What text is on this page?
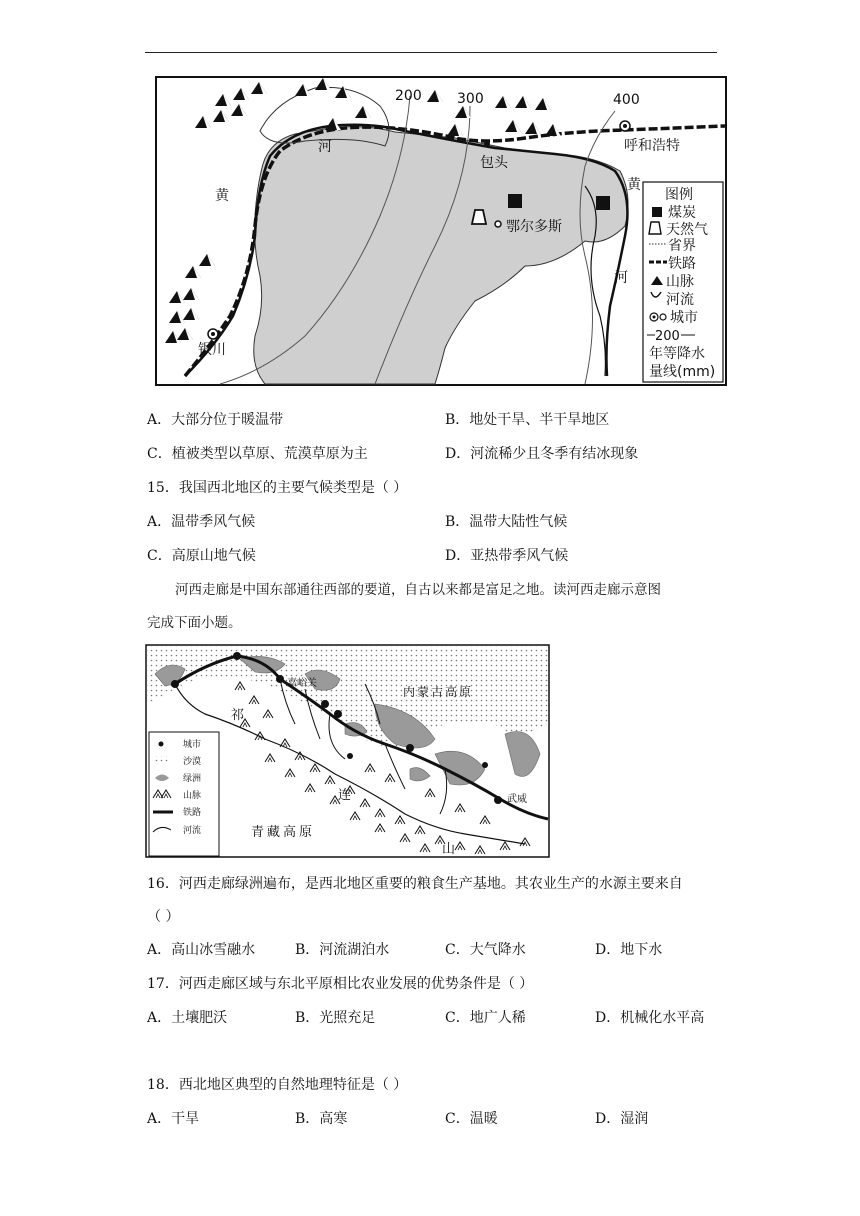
200	300	400
河
黄
黄
河
包头
呼和浩特
鄂尔多斯
银川
图例
煤炭
天然气
省界
铁路
山脉
河流
城市
200
年等降水
量线(mm)
A．大部分位于暖温带	B．地处干旱、半干旱地区
C．植被类型以草原、荒漠草原为主	D．河流稀少且冬季有结冰现象
15．我国西北地区的主要气候类型是（ ）
A．温带季风气候	B．温带大陆性气候
C．高原山地气候	D．亚热带季风气候
河西走廊是中国东部通往西部的要道，自古以来都是富足之地。读河西走廊示意图
完成下面小题。
嘉峪关
内蒙古高原
祁
连
山
青藏高原
武威
城市
沙漠
绿洲
山脉
铁路
河流
16．河西走廊绿洲遍布，是西北地区重要的粮食生产基地。其农业生产的水源主要来自
（ ）
A．高山冰雪融水	B．河流湖泊水	C．大气降水	D．地下水
17．河西走廊区域与东北平原相比农业发展的优势条件是（ ）
A．土壤肥沃	B．光照充足	C．地广人稀	D．机械化水平高
18．西北地区典型的自然地理特征是（ ）
A．干旱	B．高寒	C．温暖	D．湿润
